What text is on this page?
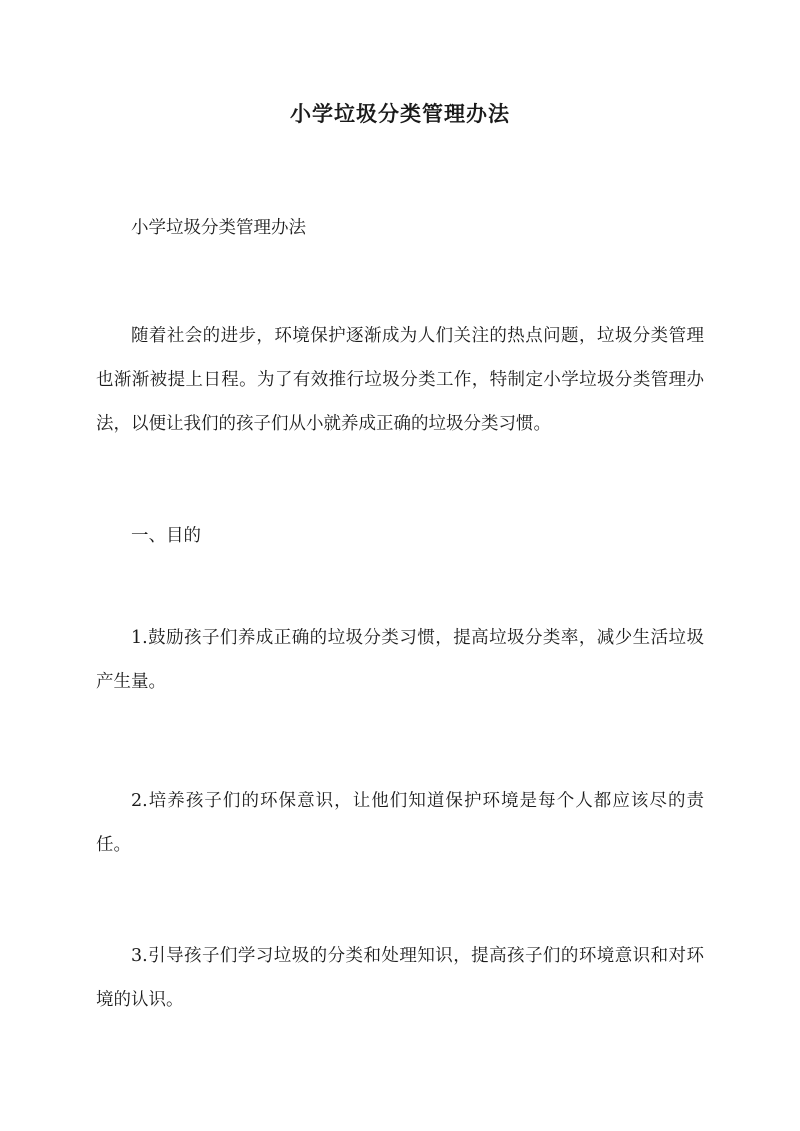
小学垃圾分类管理办法

小学垃圾分类管理办法

随着社会的进步，环境保护逐渐成为人们关注的热点问题，垃圾分类管理也渐渐被提上日程。为了有效推行垃圾分类工作，特制定小学垃圾分类管理办法，以便让我们的孩子们从小就养成正确的垃圾分类习惯。

一、目的

1.鼓励孩子们养成正确的垃圾分类习惯，提高垃圾分类率，减少生活垃圾产生量。

2.培养孩子们的环保意识，让他们知道保护环境是每个人都应该尽的责任。

3.引导孩子们学习垃圾的分类和处理知识，提高孩子们的环境意识和对环境的认识。
